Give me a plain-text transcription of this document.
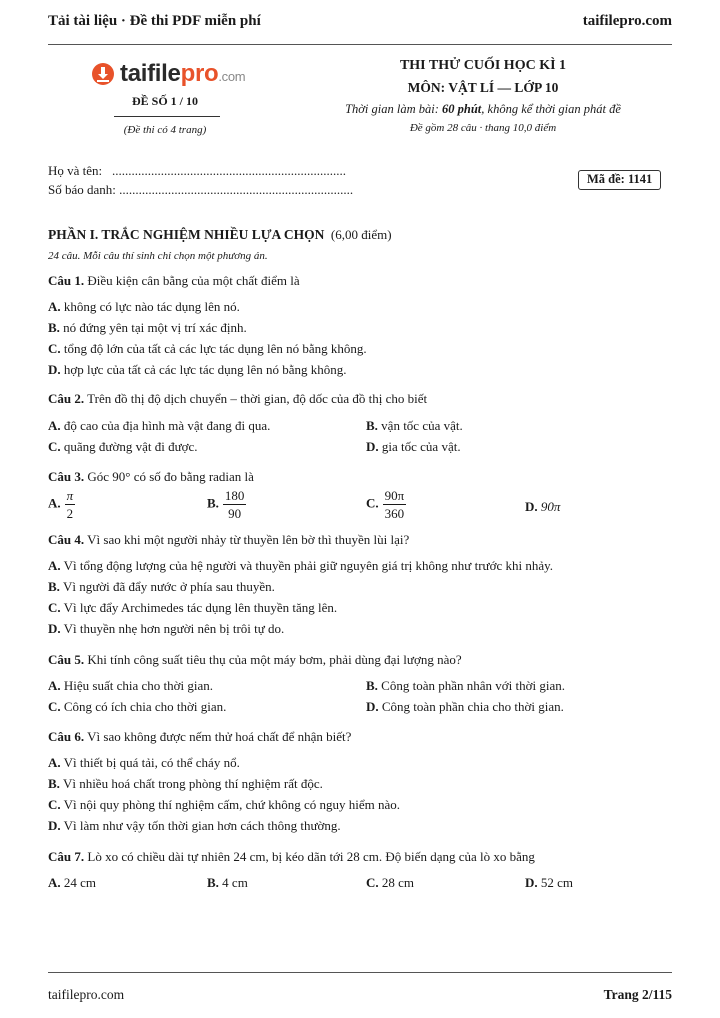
Tải tài liệu · Đề thi PDF miễn phí	taifilepro.com
taifilepro.com
ĐỀ SỐ 1 / 10
(Đề thi có 4 trang)
THI THỬ CUỐI HỌC KÌ 1
MÔN: VẬT LÍ — LỚP 10
Thời gian làm bài: 60 phút, không kể thời gian phát đề
Đề gồm 28 câu · thang 10,0 điểm
Họ và tên: ........................................................................
Số báo danh: ........................................................................
Mã đề: 1141
PHẦN I. TRẮC NGHIỆM NHIỀU LỰA CHỌN (6,00 điểm)
24 câu. Mỗi câu thí sinh chỉ chọn một phương án.
Câu 1. Điều kiện cân bằng của một chất điểm là
A. không có lực nào tác dụng lên nó.
B. nó đứng yên tại một vị trí xác định.
C. tổng độ lớn của tất cả các lực tác dụng lên nó bằng không.
D. hợp lực của tất cả các lực tác dụng lên nó bằng không.
Câu 2. Trên đồ thị độ dịch chuyển – thời gian, độ dốc của đồ thị cho biết
A. độ cao của địa hình mà vật đang đi qua.	B. vận tốc của vật.
C. quãng đường vật đi được.	D. gia tốc của vật.
Câu 3. Góc 90° có số đo bằng radian là
A. $\frac{\pi}{2}$	B. $\frac{180}{90}$	C. $\frac{90\pi}{360}$	D. 90π
Câu 4. Vì sao khi một người nhảy từ thuyền lên bờ thì thuyền lùi lại?
A. Vì tổng động lượng của hệ người và thuyền phải giữ nguyên giá trị không như trước khi nhảy.
B. Vì người đã đẩy nước ở phía sau thuyền.
C. Vì lực đẩy Archimedes tác dụng lên thuyền tăng lên.
D. Vì thuyền nhẹ hơn người nên bị trôi tự do.
Câu 5. Khi tính công suất tiêu thụ của một máy bơm, phải dùng đại lượng nào?
A. Hiệu suất chia cho thời gian.	B. Công toàn phần nhân với thời gian.
C. Công có ích chia cho thời gian.	D. Công toàn phần chia cho thời gian.
Câu 6. Vì sao không được nếm thử hoá chất để nhận biết?
A. Vì thiết bị quá tải, có thể cháy nổ.
B. Vì nhiều hoá chất trong phòng thí nghiệm rất độc.
C. Vì nội quy phòng thí nghiệm cấm, chứ không có nguy hiểm nào.
D. Vì làm như vậy tốn thời gian hơn cách thông thường.
Câu 7. Lò xo có chiều dài tự nhiên 24 cm, bị kéo dãn tới 28 cm. Độ biến dạng của lò xo bằng
A. 24 cm	B. 4 cm	C. 28 cm	D. 52 cm
taifilepro.com	Trang 2/115
